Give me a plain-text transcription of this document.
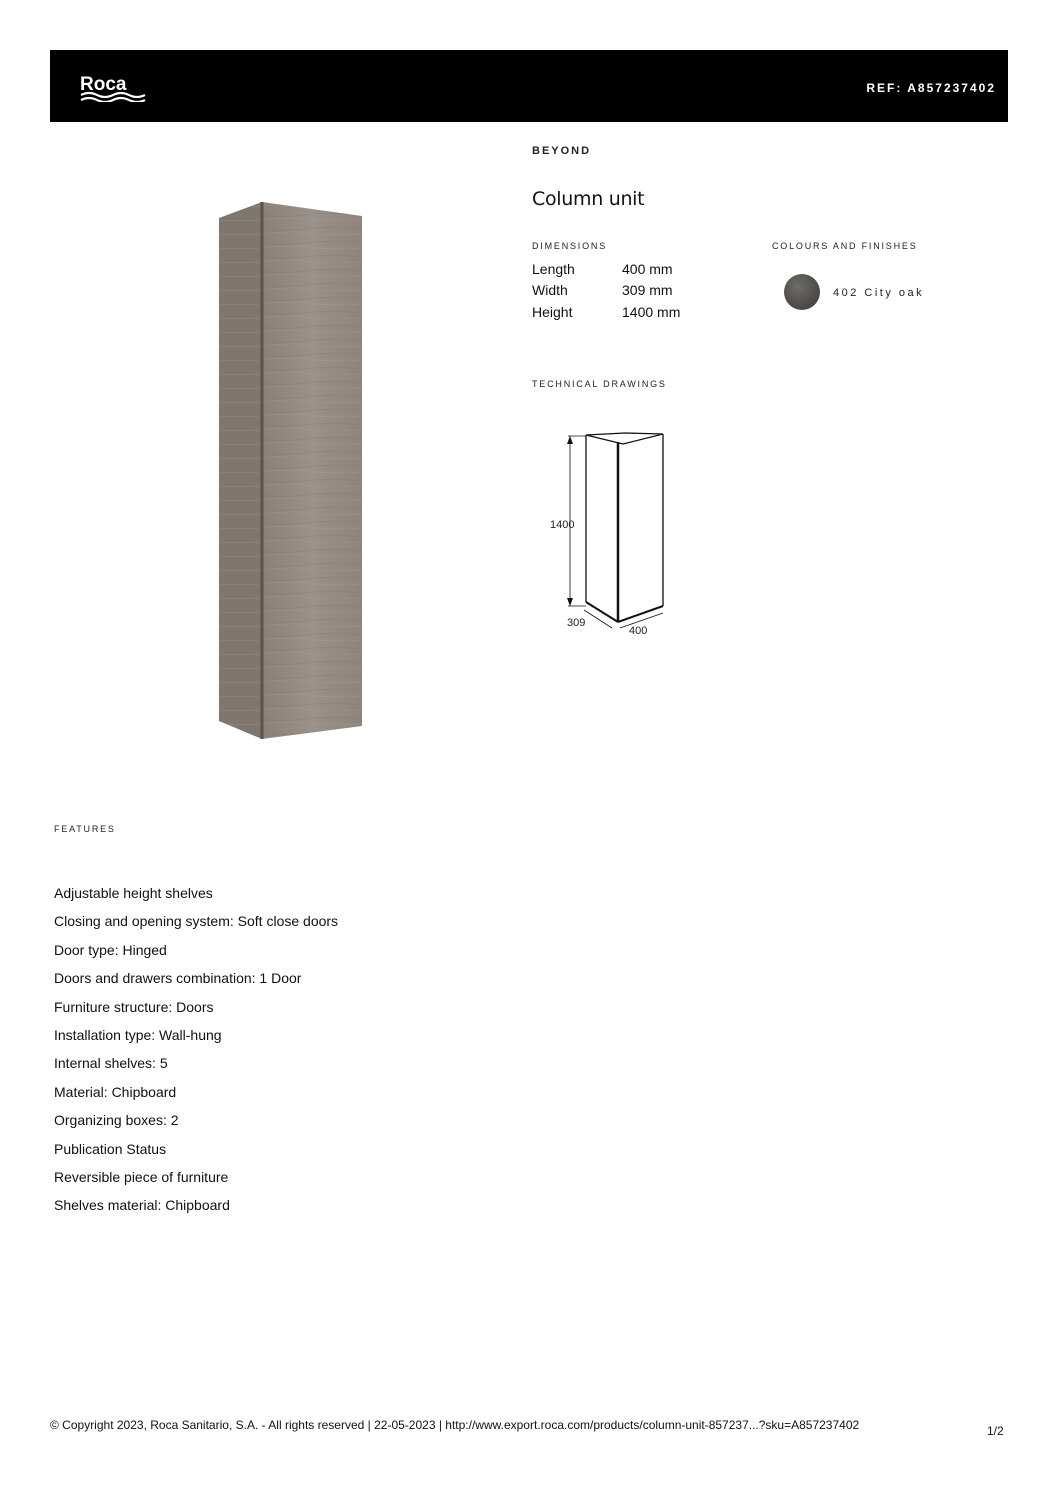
Roca	REF: A857237402
BEYOND
Column unit
DIMENSIONS
Length	400 mm
Width	309 mm
Height	1400 mm
COLOURS AND FINISHES
402 City oak
TECHNICAL DRAWINGS
1400
309
400
FEATURES
Adjustable height shelves
Closing and opening system: Soft close doors
Door type: Hinged
Doors and drawers combination: 1 Door
Furniture structure: Doors
Installation type: Wall-hung
Internal shelves: 5
Material: Chipboard
Organizing boxes: 2
Publication Status
Reversible piece of furniture
Shelves material: Chipboard
© Copyright 2023, Roca Sanitario, S.A. - All rights reserved | 22-05-2023 | http://www.export.roca.com/products/column-unit-857237...?sku=A857237402	1/2
